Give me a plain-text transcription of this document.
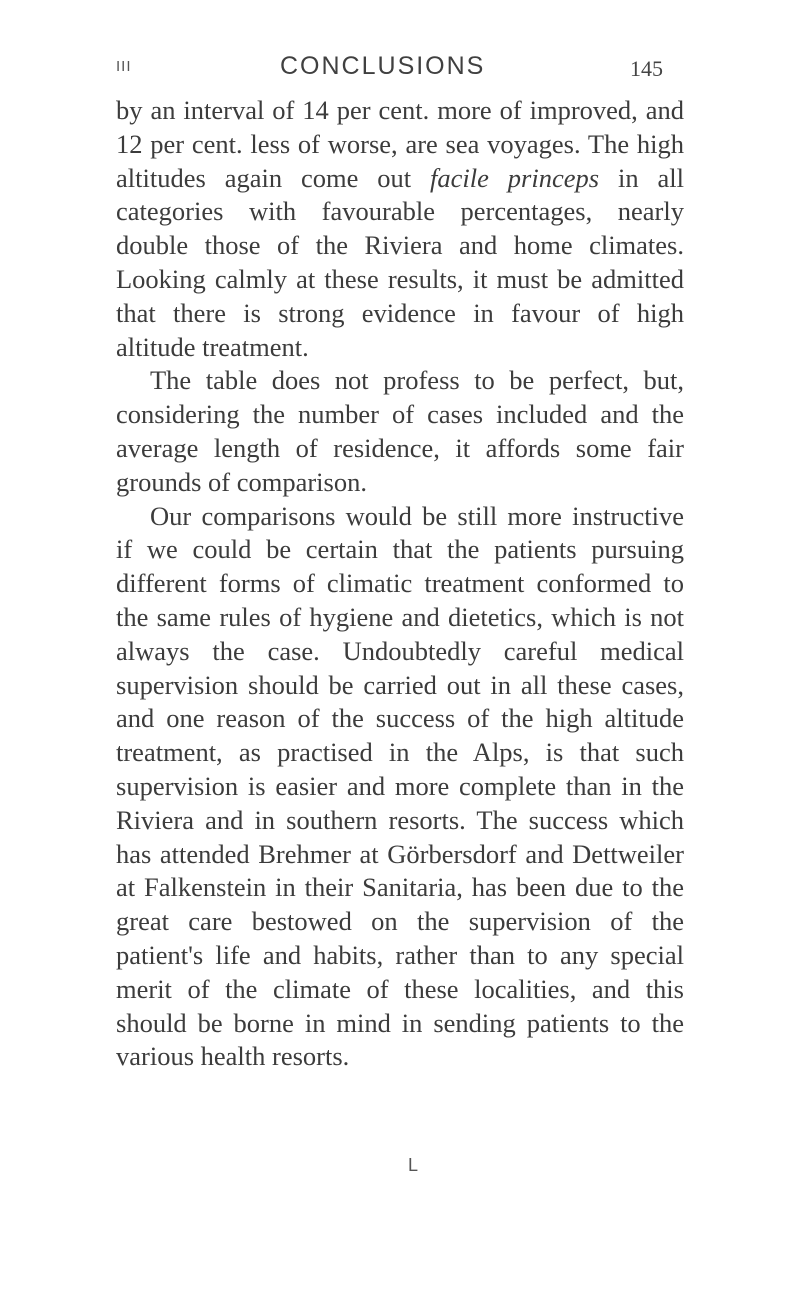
III	CONCLUSIONS	145

by an interval of 14 per cent. more of improved, and 12 per cent. less of worse, are sea voyages. The high altitudes again come out facile princeps in all categories with favourable percentages, nearly double those of the Riviera and home climates. Looking calmly at these results, it must be admitted that there is strong evidence in favour of high altitude treatment.

The table does not profess to be perfect, but, considering the number of cases included and the average length of residence, it affords some fair grounds of comparison.

Our comparisons would be still more instructive if we could be certain that the patients pursuing different forms of climatic treatment conformed to the same rules of hygiene and dietetics, which is not always the case. Undoubtedly careful medical supervision should be carried out in all these cases, and one reason of the success of the high altitude treatment, as practised in the Alps, is that such supervision is easier and more complete than in the Riviera and in southern resorts. The success which has attended Brehmer at Görbersdorf and Dettweiler at Falkenstein in their Sanitaria, has been due to the great care bestowed on the supervision of the patient's life and habits, rather than to any special merit of the climate of these localities, and this should be borne in mind in sending patients to the various health resorts.

L
